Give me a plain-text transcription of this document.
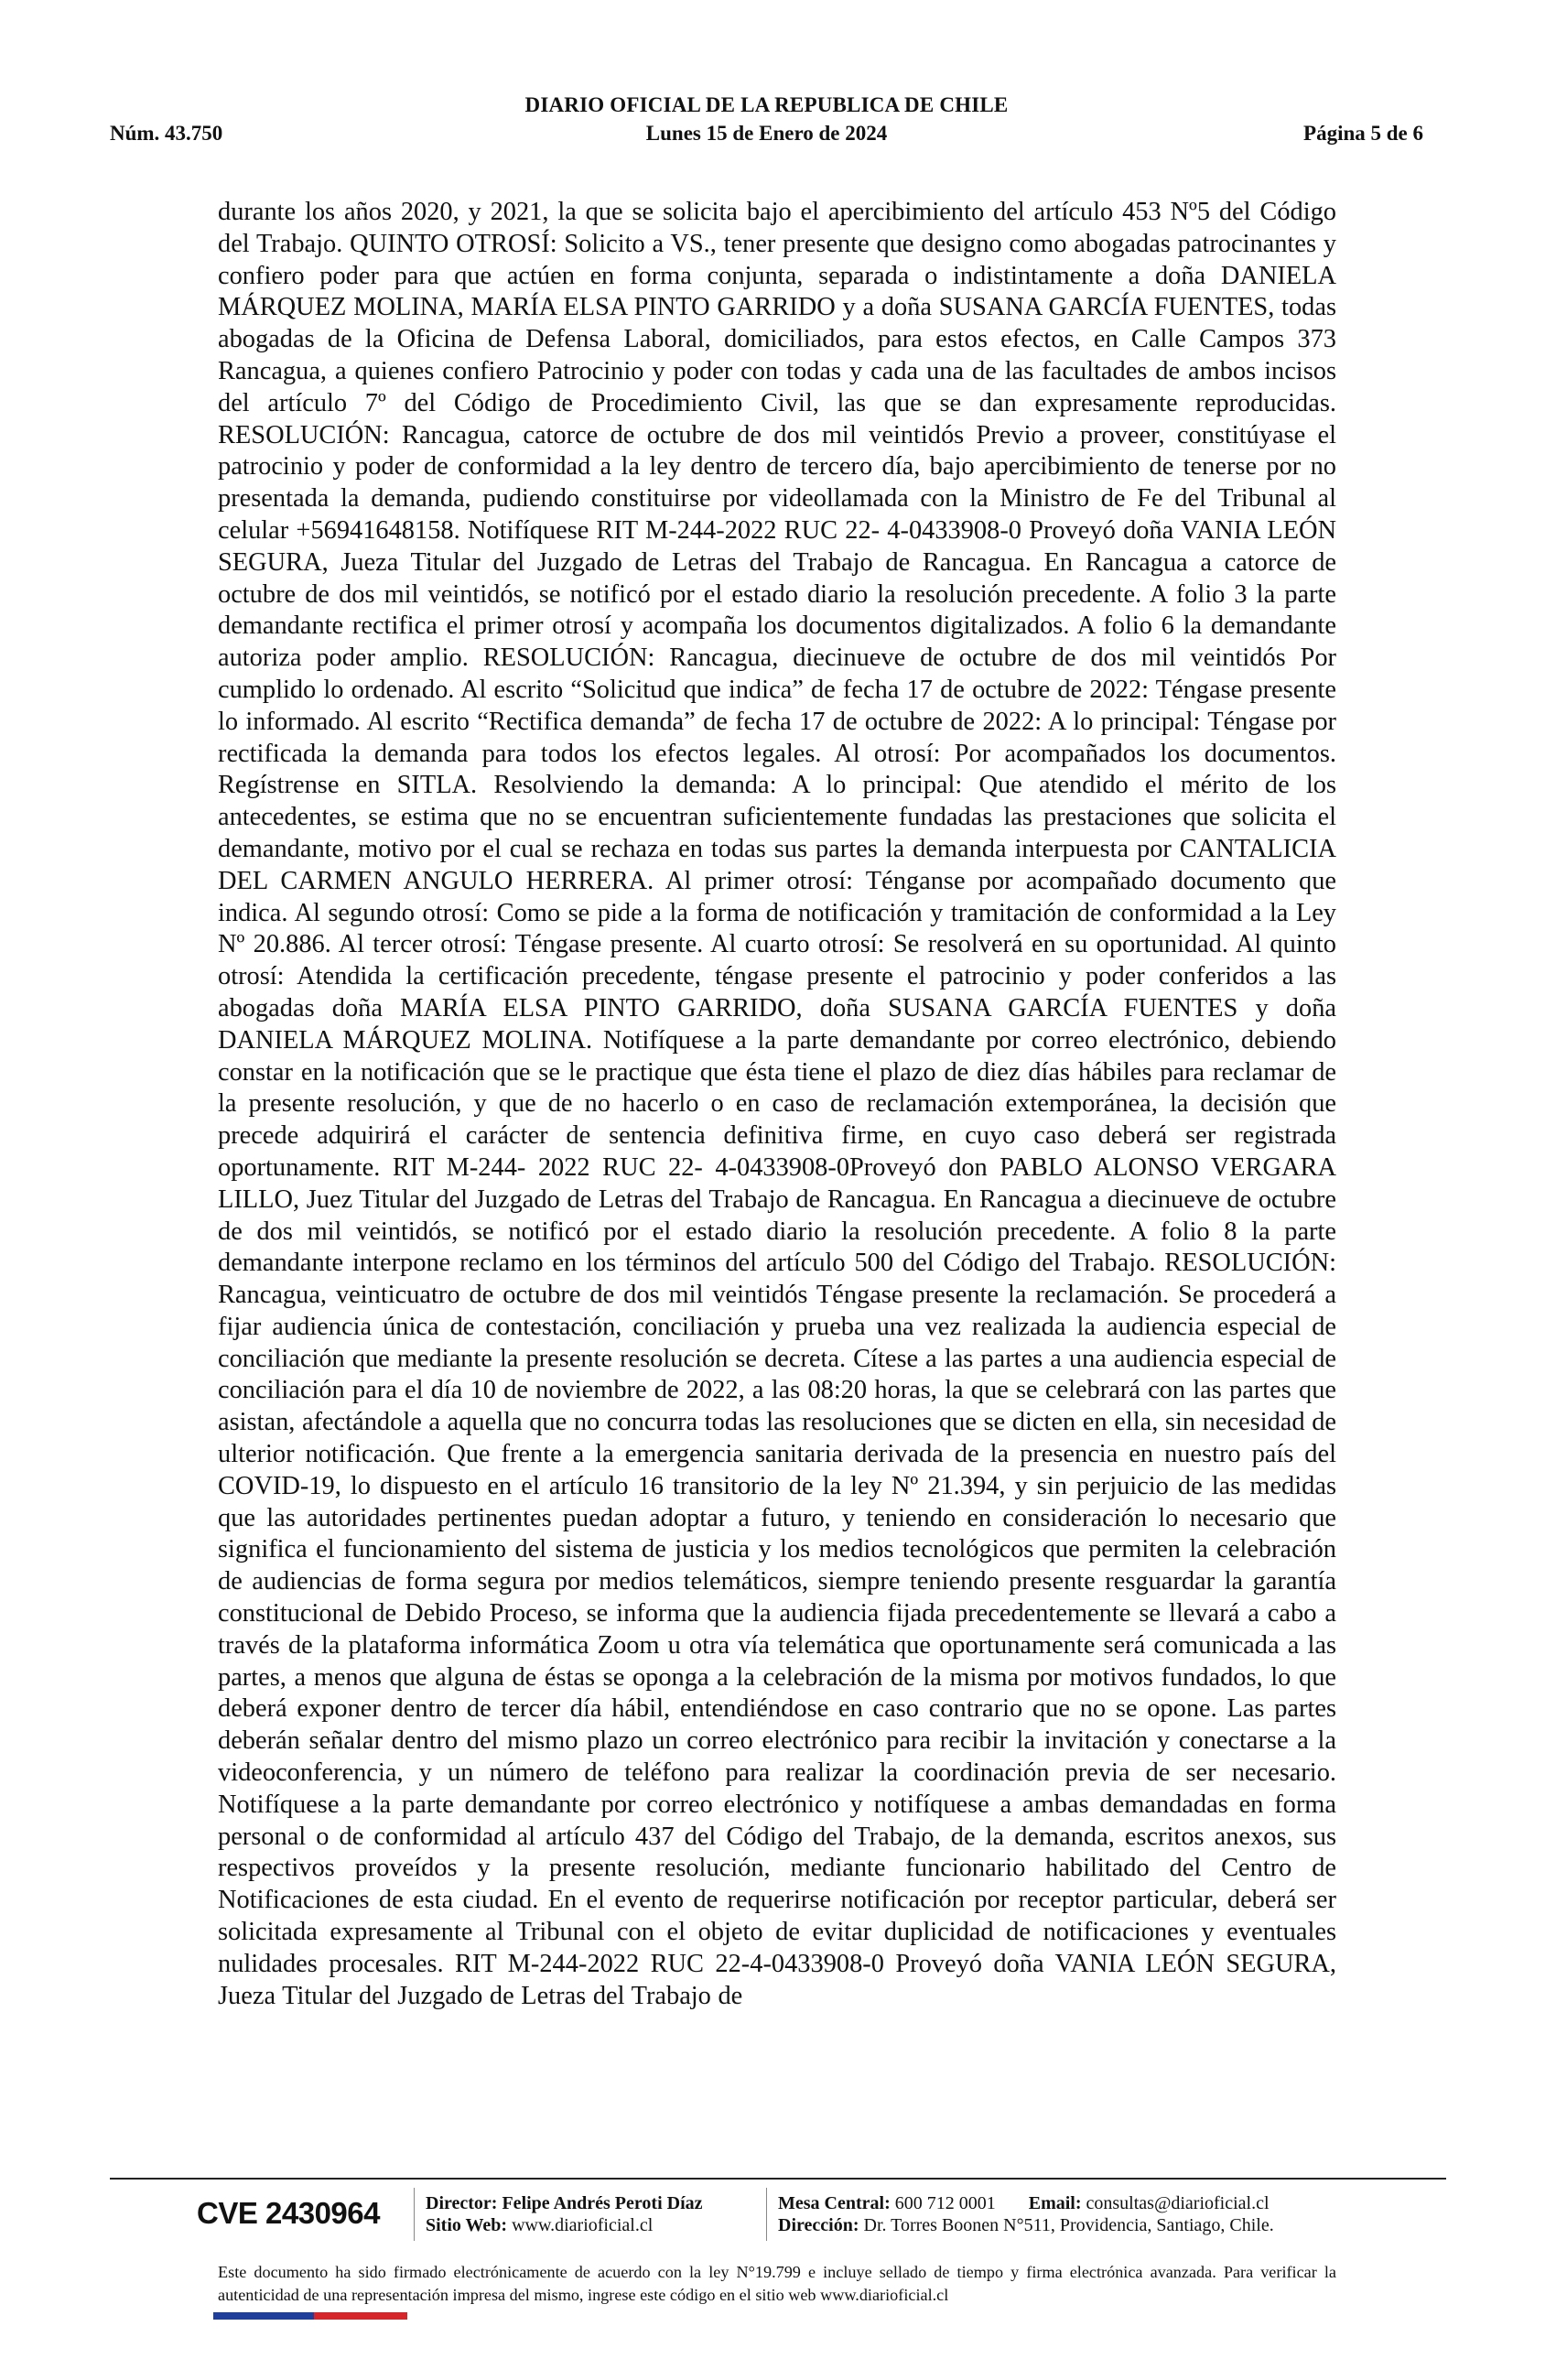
DIARIO OFICIAL DE LA REPUBLICA DE CHILE
Núm. 43.750	Lunes 15 de Enero de 2024	Página 5 de 6

durante los años 2020, y 2021, la que se solicita bajo el apercibimiento del artículo 453 Nº5 del Código del Trabajo. QUINTO OTROSÍ: Solicito a VS., tener presente que designo como abogadas patrocinantes y confiero poder para que actúen en forma conjunta, separada o indistintamente a doña DANIELA MÁRQUEZ MOLINA, MARÍA ELSA PINTO GARRIDO y a doña SUSANA GARCÍA FUENTES, todas abogadas de la Oficina de Defensa Laboral, domiciliados, para estos efectos, en Calle Campos 373 Rancagua, a quienes confiero Patrocinio y poder con todas y cada una de las facultades de ambos incisos del artículo 7º del Código de Procedimiento Civil, las que se dan expresamente reproducidas. RESOLUCIÓN: Rancagua, catorce de octubre de dos mil veintidós Previo a proveer, constitúyase el patrocinio y poder de conformidad a la ley dentro de tercero día, bajo apercibimiento de tenerse por no presentada la demanda, pudiendo constituirse por videollamada con la Ministro de Fe del Tribunal al celular +56941648158. Notifíquese RIT M-244-2022 RUC 22- 4-0433908-0 Proveyó doña VANIA LEÓN SEGURA, Jueza Titular del Juzgado de Letras del Trabajo de Rancagua. En Rancagua a catorce de octubre de dos mil veintidós, se notificó por el estado diario la resolución precedente. A folio 3 la parte demandante rectifica el primer otrosí y acompaña los documentos digitalizados. A folio 6 la demandante autoriza poder amplio. RESOLUCIÓN: Rancagua, diecinueve de octubre de dos mil veintidós Por cumplido lo ordenado. Al escrito “Solicitud que indica” de fecha 17 de octubre de 2022: Téngase presente lo informado. Al escrito “Rectifica demanda” de fecha 17 de octubre de 2022: A lo principal: Téngase por rectificada la demanda para todos los efectos legales. Al otrosí: Por acompañados los documentos. Regístrense en SITLA. Resolviendo la demanda: A lo principal: Que atendido el mérito de los antecedentes, se estima que no se encuentran suficientemente fundadas las prestaciones que solicita el demandante, motivo por el cual se rechaza en todas sus partes la demanda interpuesta por CANTALICIA DEL CARMEN ANGULO HERRERA. Al primer otrosí: Ténganse por acompañado documento que indica. Al segundo otrosí: Como se pide a la forma de notificación y tramitación de conformidad a la Ley Nº 20.886. Al tercer otrosí: Téngase presente. Al cuarto otrosí: Se resolverá en su oportunidad. Al quinto otrosí: Atendida la certificación precedente, téngase presente el patrocinio y poder conferidos a las abogadas doña MARÍA ELSA PINTO GARRIDO, doña SUSANA GARCÍA FUENTES y doña DANIELA MÁRQUEZ MOLINA. Notifíquese a la parte demandante por correo electrónico, debiendo constar en la notificación que se le practique que ésta tiene el plazo de diez días hábiles para reclamar de la presente resolución, y que de no hacerlo o en caso de reclamación extemporánea, la decisión que precede adquirirá el carácter de sentencia definitiva firme, en cuyo caso deberá ser registrada oportunamente. RIT M-244- 2022 RUC 22- 4-0433908-0Proveyó don PABLO ALONSO VERGARA LILLO, Juez Titular del Juzgado de Letras del Trabajo de Rancagua. En Rancagua a diecinueve de octubre de dos mil veintidós, se notificó por el estado diario la resolución precedente. A folio 8 la parte demandante interpone reclamo en los términos del artículo 500 del Código del Trabajo. RESOLUCIÓN: Rancagua, veinticuatro de octubre de dos mil veintidós Téngase presente la reclamación. Se procederá a fijar audiencia única de contestación, conciliación y prueba una vez realizada la audiencia especial de conciliación que mediante la presente resolución se decreta. Cítese a las partes a una audiencia especial de conciliación para el día 10 de noviembre de 2022, a las 08:20 horas, la que se celebrará con las partes que asistan, afectándole a aquella que no concurra todas las resoluciones que se dicten en ella, sin necesidad de ulterior notificación. Que frente a la emergencia sanitaria derivada de la presencia en nuestro país del COVID-19, lo dispuesto en el artículo 16 transitorio de la ley Nº 21.394, y sin perjuicio de las medidas que las autoridades pertinentes puedan adoptar a futuro, y teniendo en consideración lo necesario que significa el funcionamiento del sistema de justicia y los medios tecnológicos que permiten la celebración de audiencias de forma segura por medios telemáticos, siempre teniendo presente resguardar la garantía constitucional de Debido Proceso, se informa que la audiencia fijada precedentemente se llevará a cabo a través de la plataforma informática Zoom u otra vía telemática que oportunamente será comunicada a las partes, a menos que alguna de éstas se oponga a la celebración de la misma por motivos fundados, lo que deberá exponer dentro de tercer día hábil, entendiéndose en caso contrario que no se opone. Las partes deberán señalar dentro del mismo plazo un correo electrónico para recibir la invitación y conectarse a la videoconferencia, y un número de teléfono para realizar la coordinación previa de ser necesario. Notifíquese a la parte demandante por correo electrónico y notifíquese a ambas demandadas en forma personal o de conformidad al artículo 437 del Código del Trabajo, de la demanda, escritos anexos, sus respectivos proveídos y la presente resolución, mediante funcionario habilitado del Centro de Notificaciones de esta ciudad. En el evento de requerirse notificación por receptor particular, deberá ser solicitada expresamente al Tribunal con el objeto de evitar duplicidad de notificaciones y eventuales nulidades procesales. RIT M-244-2022 RUC 22-4-0433908-0 Proveyó doña VANIA LEÓN SEGURA, Jueza Titular del Juzgado de Letras del Trabajo de

CVE 2430964	Director: Felipe Andrés Peroti Díaz
Sitio Web: www.diarioficial.cl
Mesa Central: 600 712 0001 Email: consultas@diarioficial.cl
Dirección: Dr. Torres Boonen N°511, Providencia, Santiago, Chile.

Este documento ha sido firmado electrónicamente de acuerdo con la ley N°19.799 e incluye sellado de tiempo y firma electrónica avanzada. Para verificar la autenticidad de una representación impresa del mismo, ingrese este código en el sitio web www.diarioficial.cl
